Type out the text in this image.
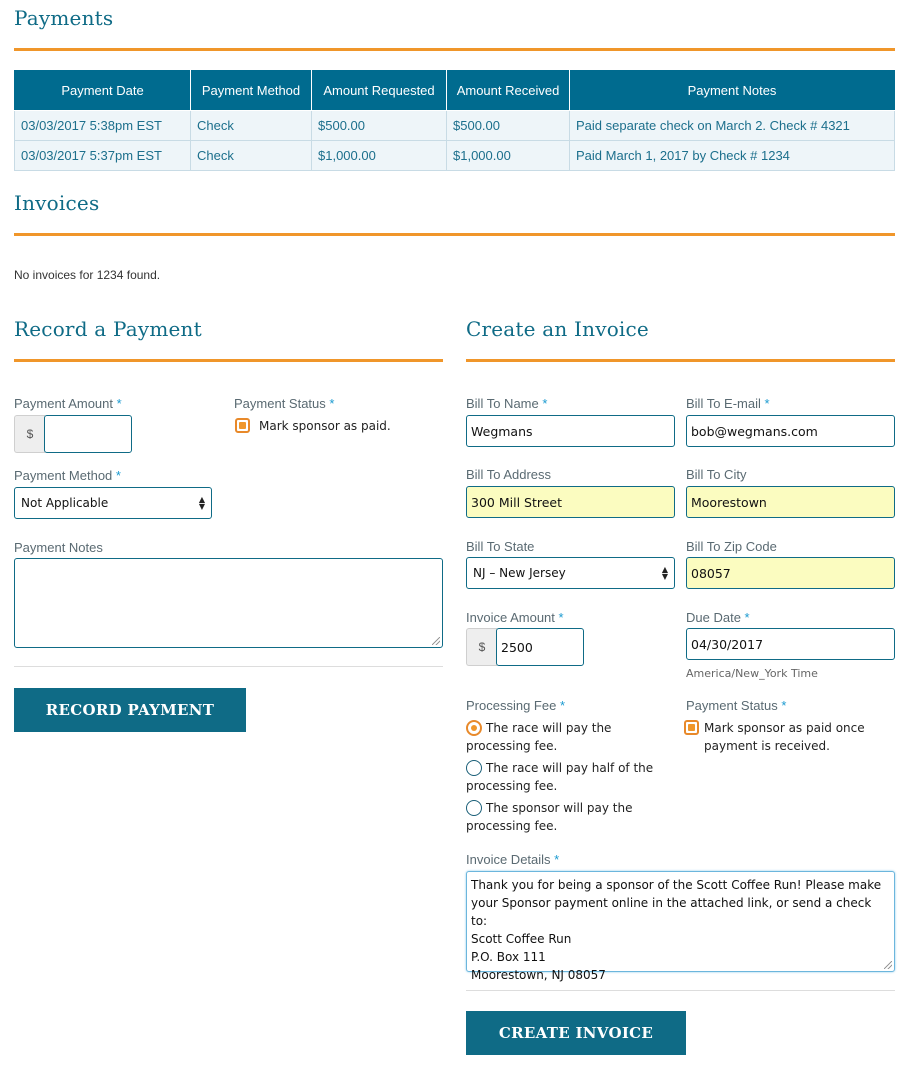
Payments
Payment Date	Payment Method	Amount Requested	Amount Received	Payment Notes
03/03/2017 5:38pm EST	Check	$500.00	$500.00	Paid separate check on March 2. Check # 4321
03/03/2017 5:37pm EST	Check	$1,000.00	$1,000.00	Paid March 1, 2017 by Check # 1234
Invoices
No invoices for 1234 found.
Record a Payment
Payment Amount *
$
Payment Status *
Mark sponsor as paid.
Payment Method *
Not Applicable	▲
▼
Payment Notes
RECORD PAYMENT
Create an Invoice
Bill To Name *
Wegmans
Bill To E-mail *
bob@wegmans.com
Bill To Address
300 Mill Street
Bill To City
Moorestown
Bill To State
NJ – New Jersey	▲
▼
Bill To Zip Code
08057
Invoice Amount *
$	2500
Due Date *
04/30/2017
America/New_York Time
Processing Fee *
The race will pay the processing fee.
The race will pay half of the processing fee.
The sponsor will pay the processing fee.
Payment Status *
Mark sponsor as paid once payment is received.
Invoice Details *
Thank you for being a sponsor of the Scott Coffee Run! Please make
your Sponsor payment online in the attached link, or send a check to:
Scott Coffee Run
P.O. Box 111
Moorestown, NJ 08057
CREATE INVOICE
